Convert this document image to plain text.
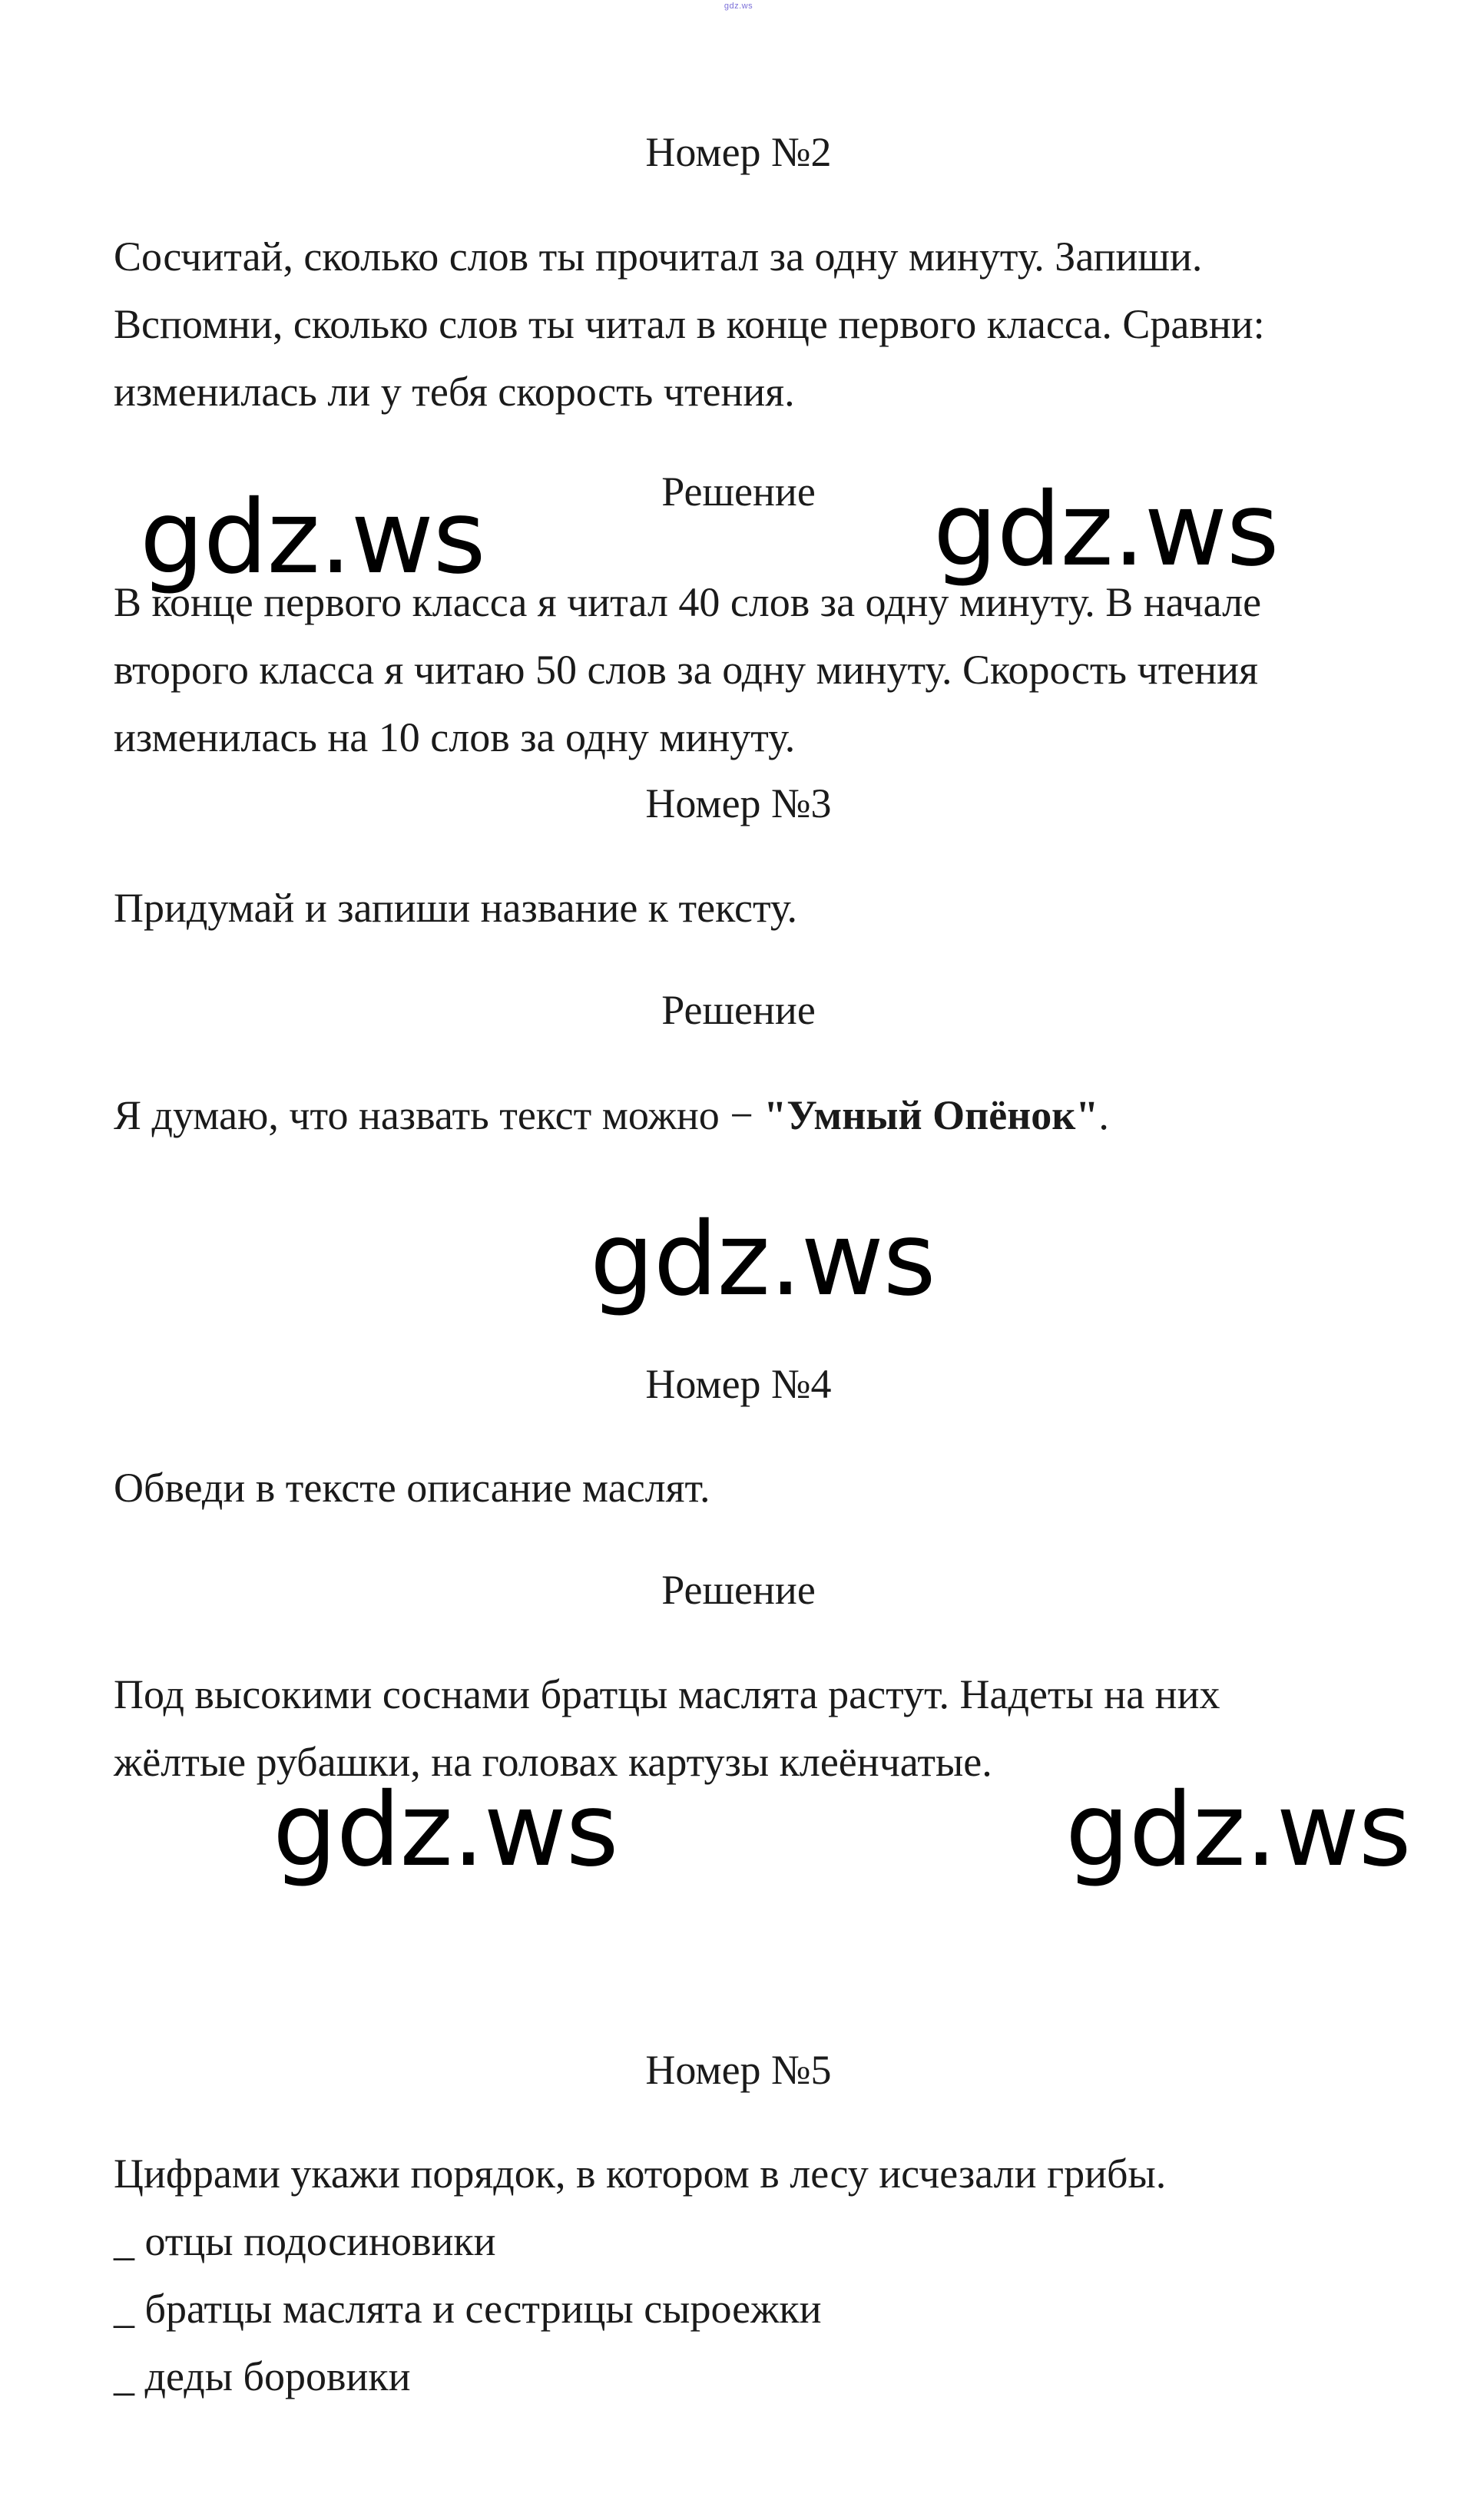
gdz.ws
Номер №2
Сосчитай, сколько слов ты прочитал за одну минуту. Запиши.
Вспомни, сколько слов ты читал в конце первого класса. Сравни:
изменилась ли у тебя скорость чтения.
Решение
gdz.ws	gdz.ws
В конце первого класса я читал 40 слов за одну минуту. В начале
второго класса я читаю 50 слов за одну минуту. Скорость чтения
изменилась на 10 слов за одну минуту.
Номер №3
Придумай и запиши название к тексту.
Решение
Я думаю, что назвать текст можно − "Умный Опёнок".
gdz.ws
Номер №4
Обведи в тексте описание маслят.
Решение
Под высокими соснами братцы маслята растут. Надеты на них
жёлтые рубашки, на головах картузы клеёнчатые.
gdz.ws	gdz.ws
Номер №5
Цифрами укажи порядок, в котором в лесу исчезали грибы.
_ отцы подосиновики
_ братцы маслята и сестрицы сыроежки
_ деды боровики
